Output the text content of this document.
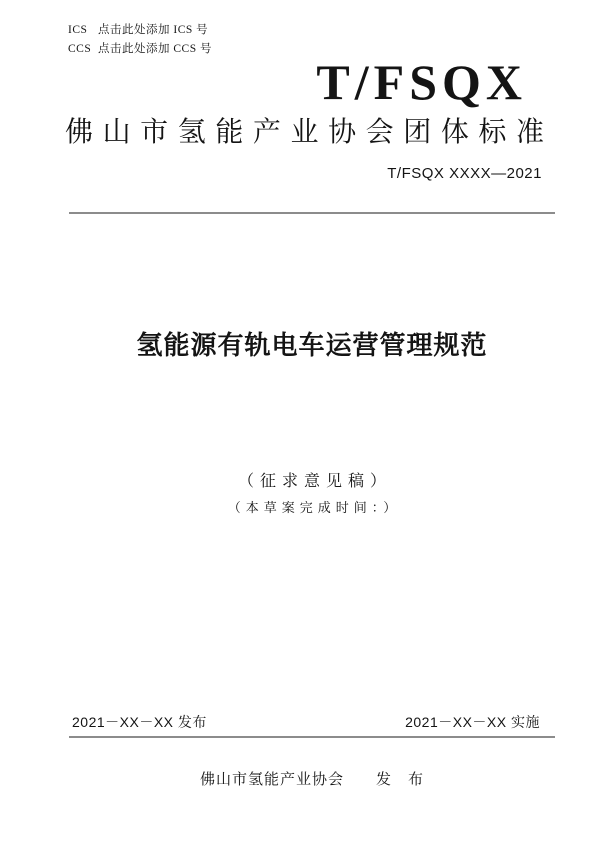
ICS 点击此处添加 ICS 号
CCS 点击此处添加 CCS 号
T/FSQX
佛山市氢能产业协会团体标准
T/FSQX XXXX—2021
氢能源有轨电车运营管理规范
（征求意见稿）
（本草案完成时间：）
2021－XX－XX 发布	2021－XX－XX 实施
佛山市氢能产业协会　　发　布
